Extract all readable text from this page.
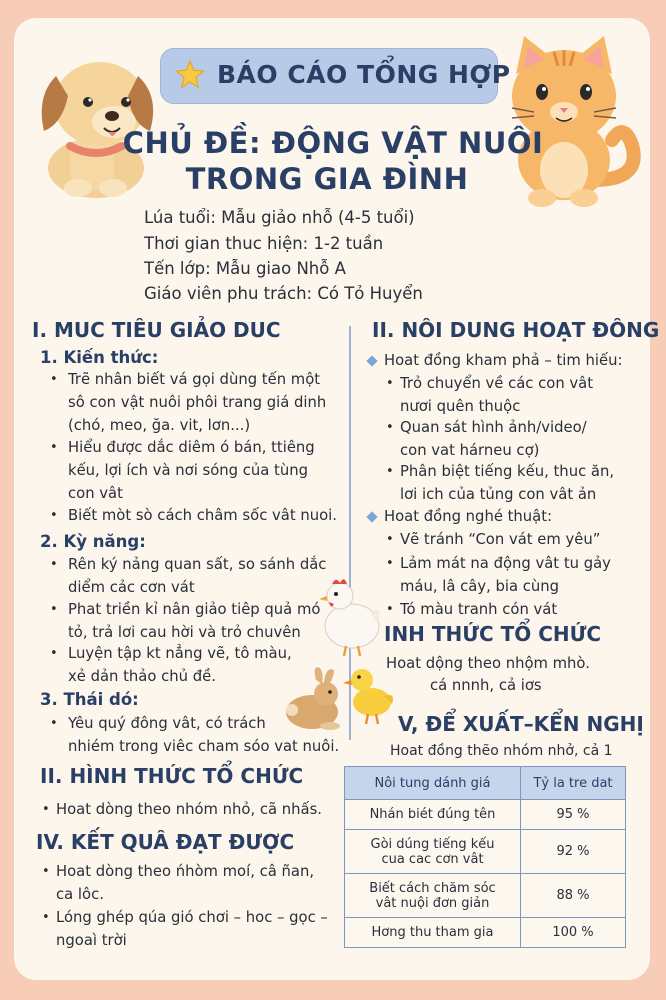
BÁO CÁO TỔNG HỢP
CHỦ ĐỀ: ĐỘNG VẬT NUÔI
TRONG GIA ĐÌNH
Lúa tuổi: Mẫu giảo nhỗ (4-5 tuổi)
Thơi gian thuc hiện: 1-2 tuần
Tến lớp: Mẫu giao Nhỗ A
Giáo viên phu trách: Có Tỏ Huyển
I. MUC TIÊU GIẢO DUC
1. Kiến thức:
• Trẽ nhân biết vá gọi dùng tến một
sô con vật nuôi phôi trang giá dinh
(chó, meo, ğa. vit, lơn...)
• Hiểu được dắc diêm ó bán, ttiêng
kếu, lợi ích và nơi sóng của tùng
con vât
• Biết mòt sò cách châm sốc vât nuoi.
2. Kỳ năng:
• Rên ký nảng quan sất, so sánh dắc
diểm cảc cơn vát
• Phat triền kỉ nân giảo tiêp quả mó
tỏ, trả lơi cau hời và trỏ chuvên
• Luyện tập kt nẳng vẽ, tô màu,
xẻ dản thảo chủ đề.
3. Thái dó:
• Yêu quý đông vât, có trách
nhiém trong viêc cham sóo vat nuôi.
II. HÌNH THỨC TỔ CHỨC
• Hoat dòng theo nhóm nhỏ, cã nhấs.
IV. KẾT QUÂ ĐẠT ĐƯỢC
• Hoat dòng theo ńhòm moí, câ ñan,
ca lôc.
• Lóng ghép qúa gió chơi – hoc – gọc –
ngoaì trời
II. NÔI DUNG HOẠT ĐÔNG
Hoat đồng kham phả – tim hiếu:
• Trỏ chuyển về các con vât
nươi quên thuộc
• Quan sát hình ảnh/video/
con vat hárneu cợ)
• Phân biệt tiếng kếu, thuc ăn,
lơi ich của tủng con vât ản
Hoat đồng nghé thuật:
• Vẽ tránh “Con vát em yêu”
• Lảm mát na động vât tu gảy
máu, lâ cây, bia cùng
• Tó màu tranh cón vát
INH THỨC TỔ CHỨC
Hoat dộng theo nhộm mhò.
cá nnnh, cả iơs
V, ĐỂ XUẤT–KỂN NGHỊ
Hoat đồng thẽo nhóm nhở, cả 1
Nôi tung dánh giá	Tỷ la tre dat

Nhán biét đúng tên	95 %

Gòi dúng tiếng kếu
cua cac cơn vât	92 %

Biết cách chăm sóc
vât nuội đơn giản	88 %

Hơng thu tham gia	100 %
